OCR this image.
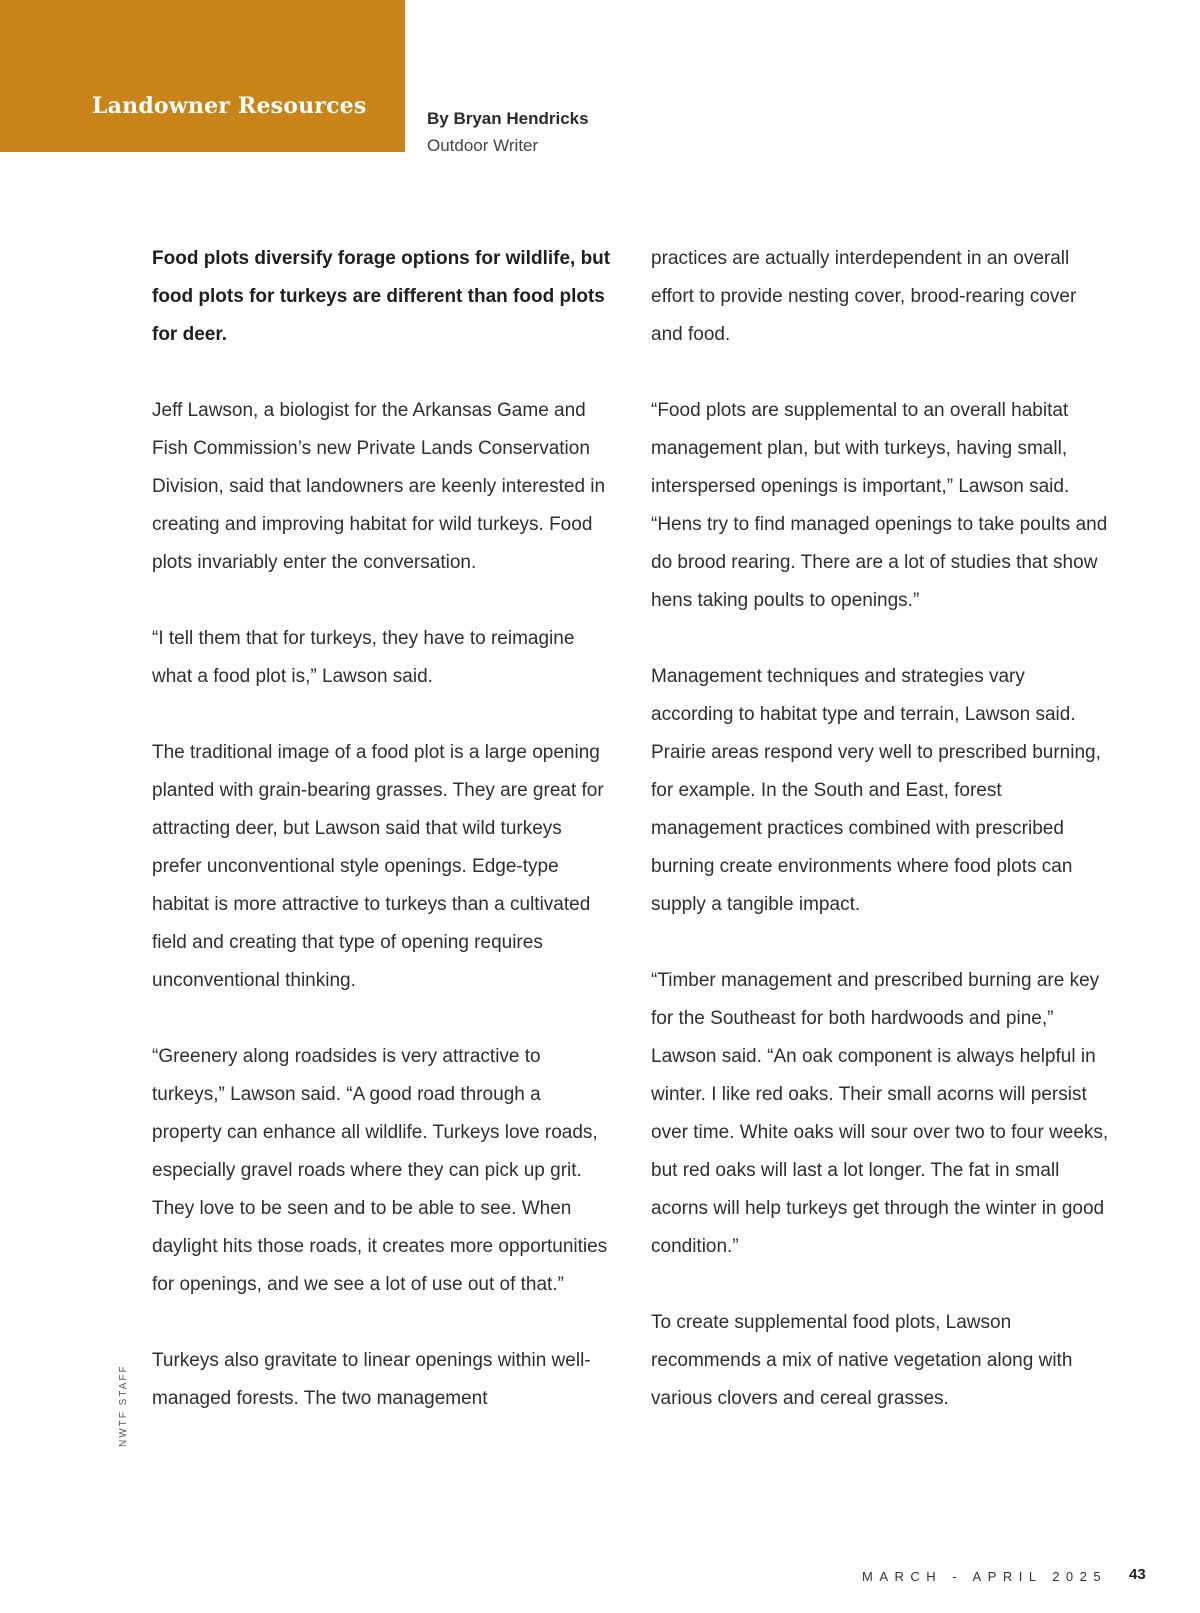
Landowner Resources	By Bryan Hendricks
Outdoor Writer

Food plots diversify forage options for wildlife, but food plots for turkeys are different than food plots for deer.

Jeff Lawson, a biologist for the Arkansas Game and Fish Commission’s new Private Lands Conservation Division, said that landowners are keenly interested in creating and improving habitat for wild turkeys. Food plots invariably enter the conversation.

“I tell them that for turkeys, they have to reimagine what a food plot is,” Lawson said.

The traditional image of a food plot is a large opening planted with grain-bearing grasses. They are great for attracting deer, but Lawson said that wild turkeys prefer unconventional style openings. Edge-type habitat is more attractive to turkeys than a cultivated field and creating that type of opening requires unconventional thinking.

“Greenery along roadsides is very attractive to turkeys,” Lawson said. “A good road through a property can enhance all wildlife. Turkeys love roads, especially gravel roads where they can pick up grit. They love to be seen and to be able to see. When daylight hits those roads, it creates more opportunities for openings, and we see a lot of use out of that.”

Turkeys also gravitate to linear openings within well-managed forests. The two management

practices are actually interdependent in an overall effort to provide nesting cover, brood-rearing cover and food.

“Food plots are supplemental to an overall habitat management plan, but with turkeys, having small, interspersed openings is important,” Lawson said. “Hens try to find managed openings to take poults and do brood rearing. There are a lot of studies that show hens taking poults to openings.”

Management techniques and strategies vary according to habitat type and terrain, Lawson said. Prairie areas respond very well to prescribed burning, for example. In the South and East, forest management practices combined with prescribed burning create environments where food plots can supply a tangible impact.

“Timber management and prescribed burning are key for the Southeast for both hardwoods and pine,” Lawson said. “An oak component is always helpful in winter. I like red oaks. Their small acorns will persist over time. White oaks will sour over two to four weeks, but red oaks will last a lot longer. The fat in small acorns will help turkeys get through the winter in good condition.”

To create supplemental food plots, Lawson recommends a mix of native vegetation along with various clovers and cereal grasses.

NWTF STAFF
MARCH - APRIL 2025 43
